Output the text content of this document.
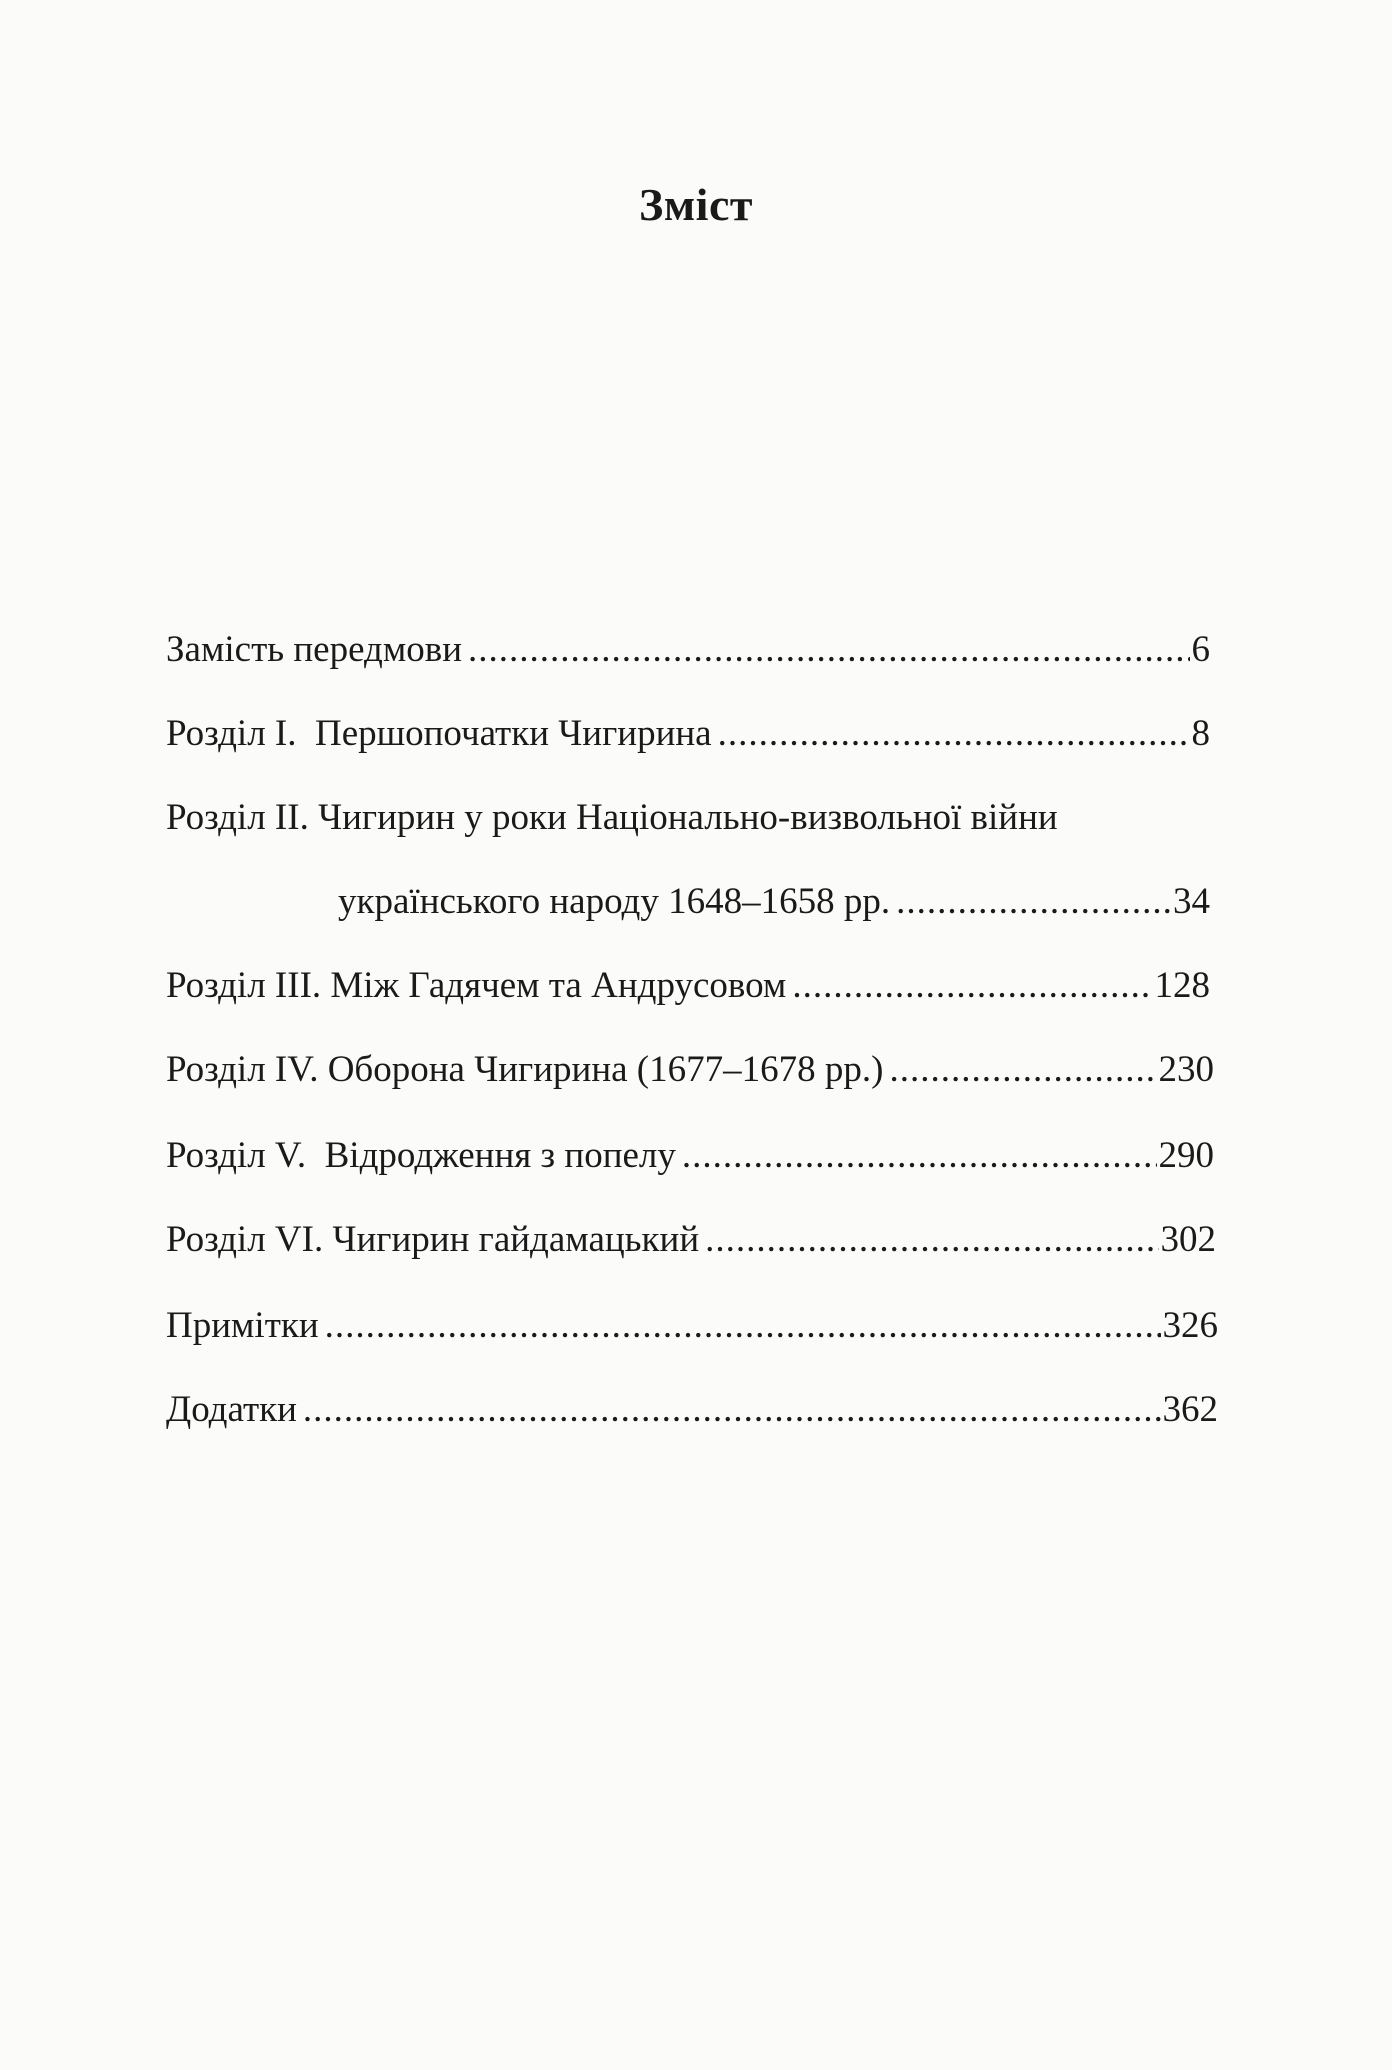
Зміст
Замість передмови .....	6
Розділ I.  Першопочатки Чигирина .....	8
Розділ II. Чигирин у роки Національно-визвольної війни
українського народу 1648–1658 рр. .....	34
Розділ III. Між Гадячем та Андрусовом .....	128
Розділ IV. Оборона Чигирина (1677–1678 рр.) .....	230
Розділ V.  Відродження з попелу .....	290
Розділ VI. Чигирин гайдамацький .....	302
Примітки .....	326
Додатки .....	362
